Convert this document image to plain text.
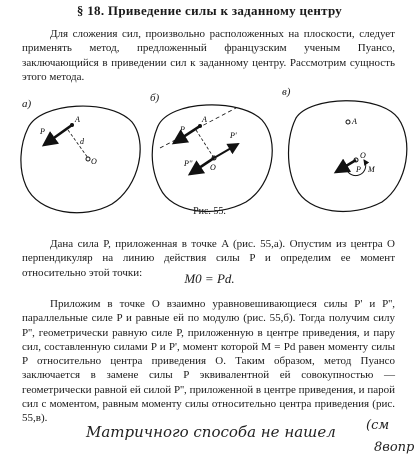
§ 18. Приведение силы к заданному центру

Для сложения сил, произвольно расположенных на плоскости, следует применять метод, предложенный французским ученым Пуансо, заключающийся в приведении сил к заданному центру. Рассмотрим сущность этого метода.

A
P
d
O
A
P
P'
P'' O
A
O
P M
а)	б)	в)
Рис. 55.

Дана сила P, приложенная в точке A (рис. 55,а). Опустим из центра O перпендикуляр на линию действия силы P и определим ее момент относительно этой точки:	M0 = Pd.

Приложим в точке O взаимно уравновешивающиеся силы P' и P'', параллельные силе P и равные ей по модулю (рис. 55,б). Тогда получим силу P'', геометрически равную силе P, приложенную в центре приведения, и пару сил, составленную силами P и P', момент которой M = Pd равен моменту силы P относительно центра приведения O. Таким образом, метод Пуансо заключается в замене силы P эквивалентной ей совокупностью — геометрически равной ей силой P'', приложенной в центре приведения, и парой сил с моментом, равным моменту силы относительно центра приведения (рис. 55,в).

Матричного способа не нашел (см
8вопр
